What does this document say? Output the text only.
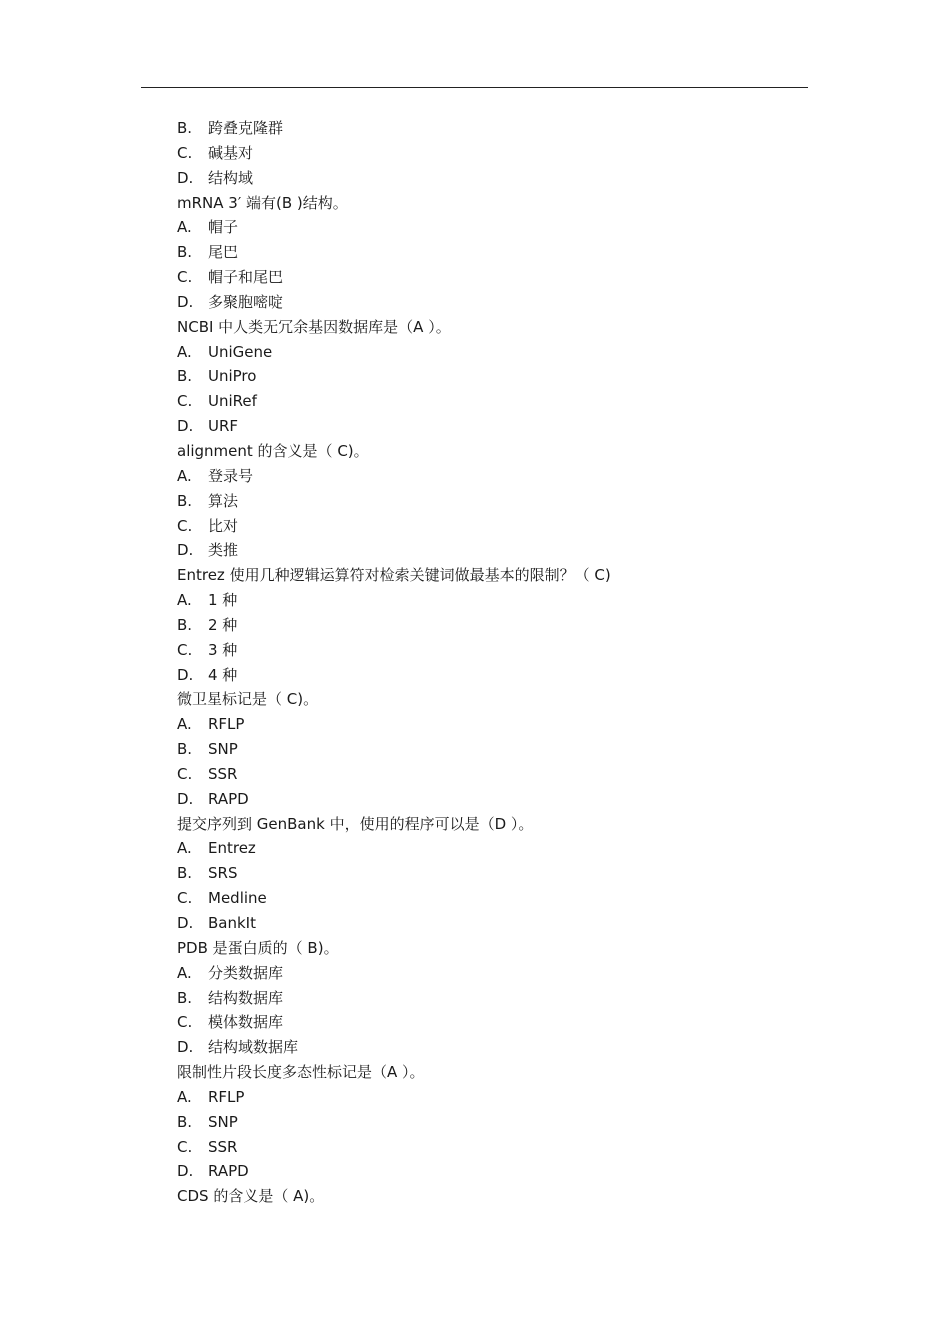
B. 跨叠克隆群
C. 碱基对
D. 结构域
mRNA 3′ 端有(B )结构。
A. 帽子
B. 尾巴
C. 帽子和尾巴
D. 多聚胞嘧啶
NCBI 中人类无冗余基因数据库是（A ）。
A. UniGene
B. UniPro
C. UniRef
D. URF
alignment 的含义是（ C)。
A. 登录号
B. 算法
C. 比对
D. 类推
Entrez 使用几种逻辑运算符对检索关键词做最基本的限制？（ C)
A. 1 种
B. 2 种
C. 3 种
D. 4 种
微卫星标记是（ C)。
A. RFLP
B. SNP
C. SSR
D. RAPD
提交序列到 GenBank 中，使用的程序可以是（D ）。
A. Entrez
B. SRS
C. Medline
D. BankIt
PDB 是蛋白质的（ B)。
A. 分类数据库
B. 结构数据库
C. 模体数据库
D. 结构域数据库
限制性片段长度多态性标记是（A ）。
A. RFLP
B. SNP
C. SSR
D. RAPD
CDS 的含义是（ A)。
